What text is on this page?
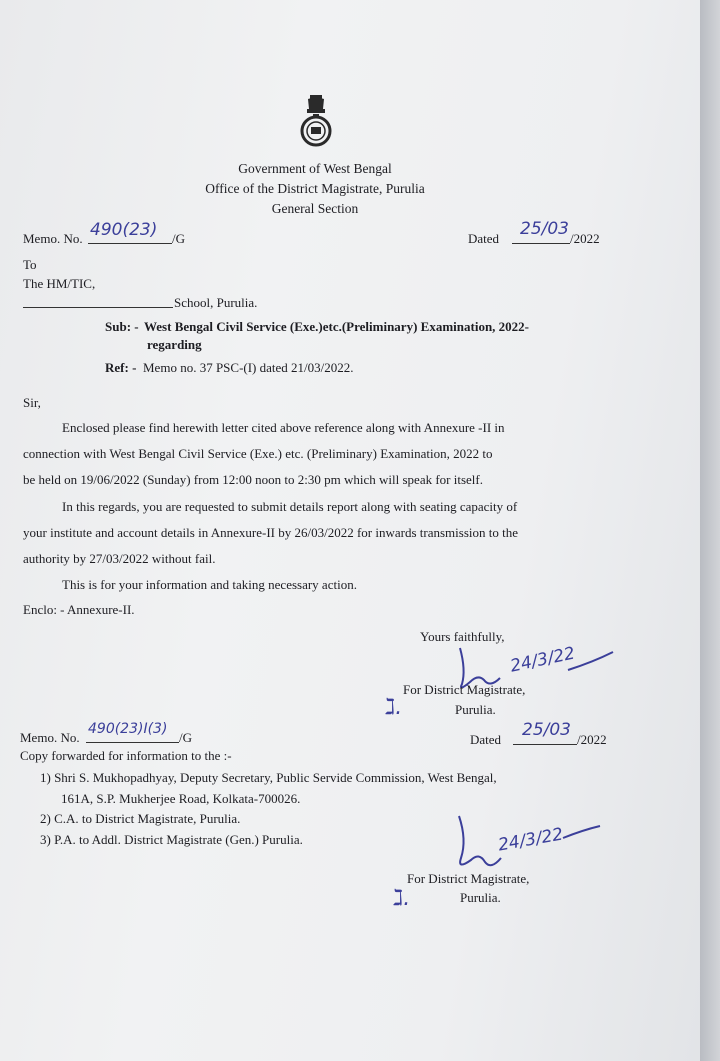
Government of West Bengal
Office of the District Magistrate, Purulia
General Section
Memo. No. 490(23) /G	Dated 25/03 /2022
To
The HM/TIC,
School, Purulia.
Sub: - West Bengal Civil Service (Exe.)etc.(Preliminary) Examination, 2022-
regarding
Ref: - Memo no. 37 PSC-(I) dated 21/03/2022.
Sir,
Enclosed please find herewith letter cited above reference along with Annexure -II in
connection with West Bengal Civil Service (Exe.) etc. (Preliminary) Examination, 2022 to
be held on 19/06/2022 (Sunday) from 12:00 noon to 2:30 pm which will speak for itself.
In this regards, you are requested to submit details report along with seating capacity of
your institute and account details in Annexure-II by 26/03/2022 for inwards transmission to the
authority by 27/03/2022 without fail.
This is for your information and taking necessary action.
Enclo: - Annexure-II.
Yours faithfully,
24/3/22
For District Magistrate,
ℷ.	Purulia.
Memo. No.
490(23)I(3)
/G	Dated 25/03 /2022
Copy forwarded for information to the :-
1) Shri S. Mukhopadhyay, Deputy Secretary, Public Servide Commission, West Bengal,
161A, S.P. Mukherjee Road, Kolkata-700026.
2) C.A. to District Magistrate, Purulia.
3) P.A. to Addl. District Magistrate (Gen.) Purulia.	24/3/22
For District Magistrate,
ℷ.	Purulia.
